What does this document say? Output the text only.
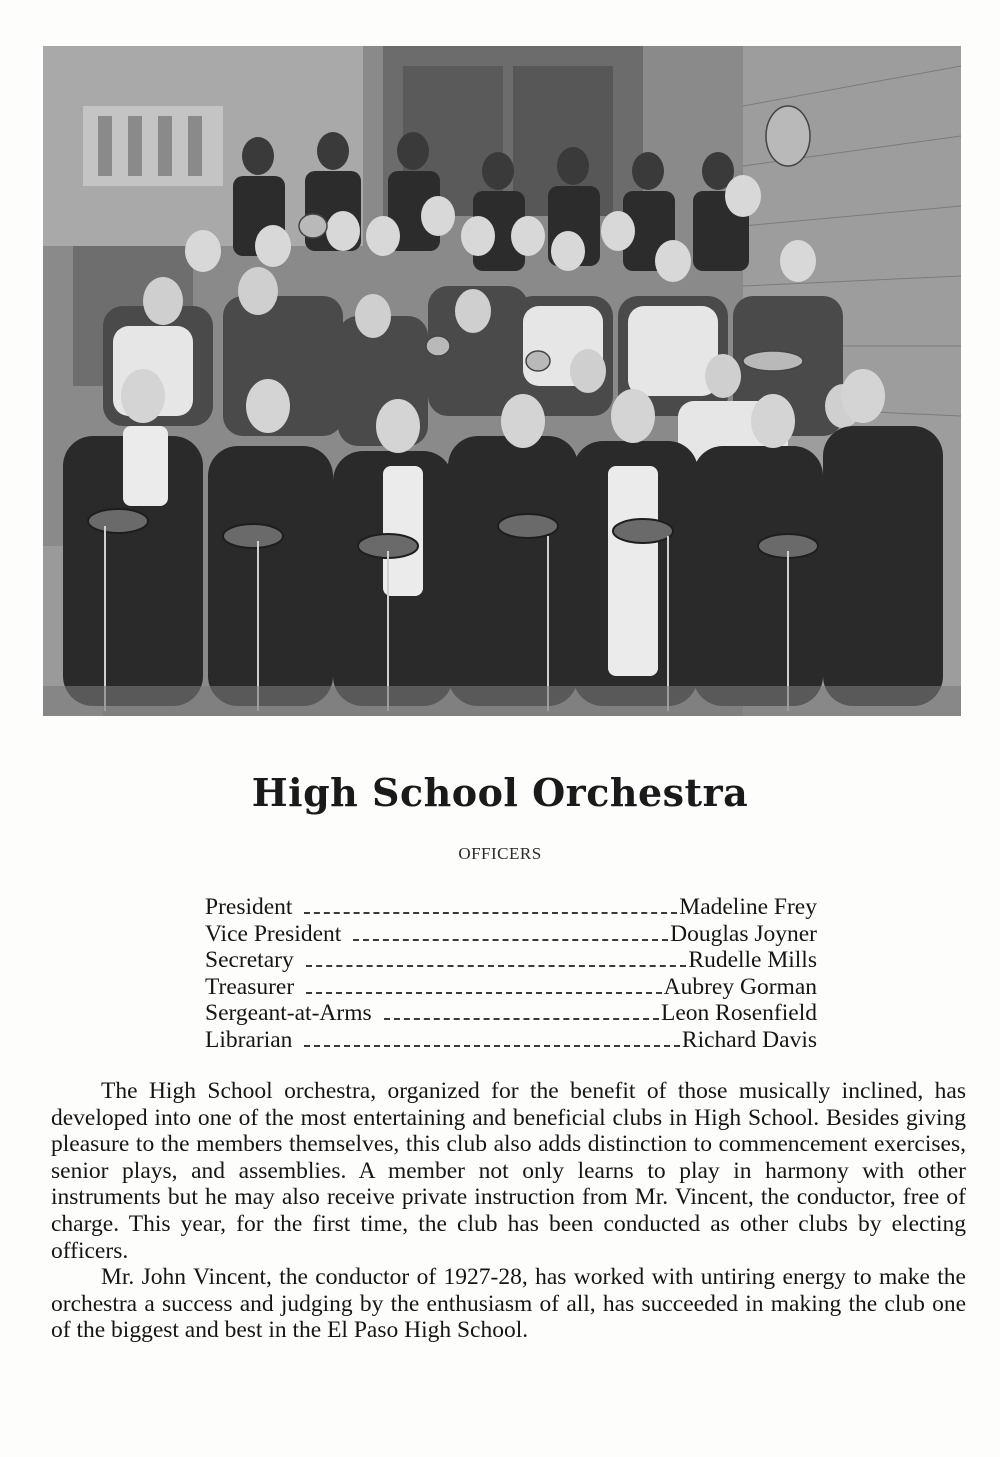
High School Orchestra
OFFICERS
President	Madeline Frey
Vice President	Douglas Joyner
Secretary	Rudelle Mills
Treasurer	Aubrey Gorman
Sergeant-at-Arms	Leon Rosenfield
Librarian	Richard Davis

The High School orchestra, organized for the benefit of those musically inclined, has developed into one of the most entertaining and beneficial clubs in High School. Besides giving pleasure to the members themselves, this club also adds distinction to commencement exercises, senior plays, and assemblies. A member not only learns to play in harmony with other instruments but he may also receive private instruction from Mr. Vincent, the conductor, free of charge. This year, for the first time, the club has been conducted as other clubs by electing officers.

Mr. John Vincent, the conductor of 1927-28, has worked with untiring energy to make the orchestra a success and judging by the enthusiasm of all, has succeeded in making the club one of the biggest and best in the El Paso High School.
